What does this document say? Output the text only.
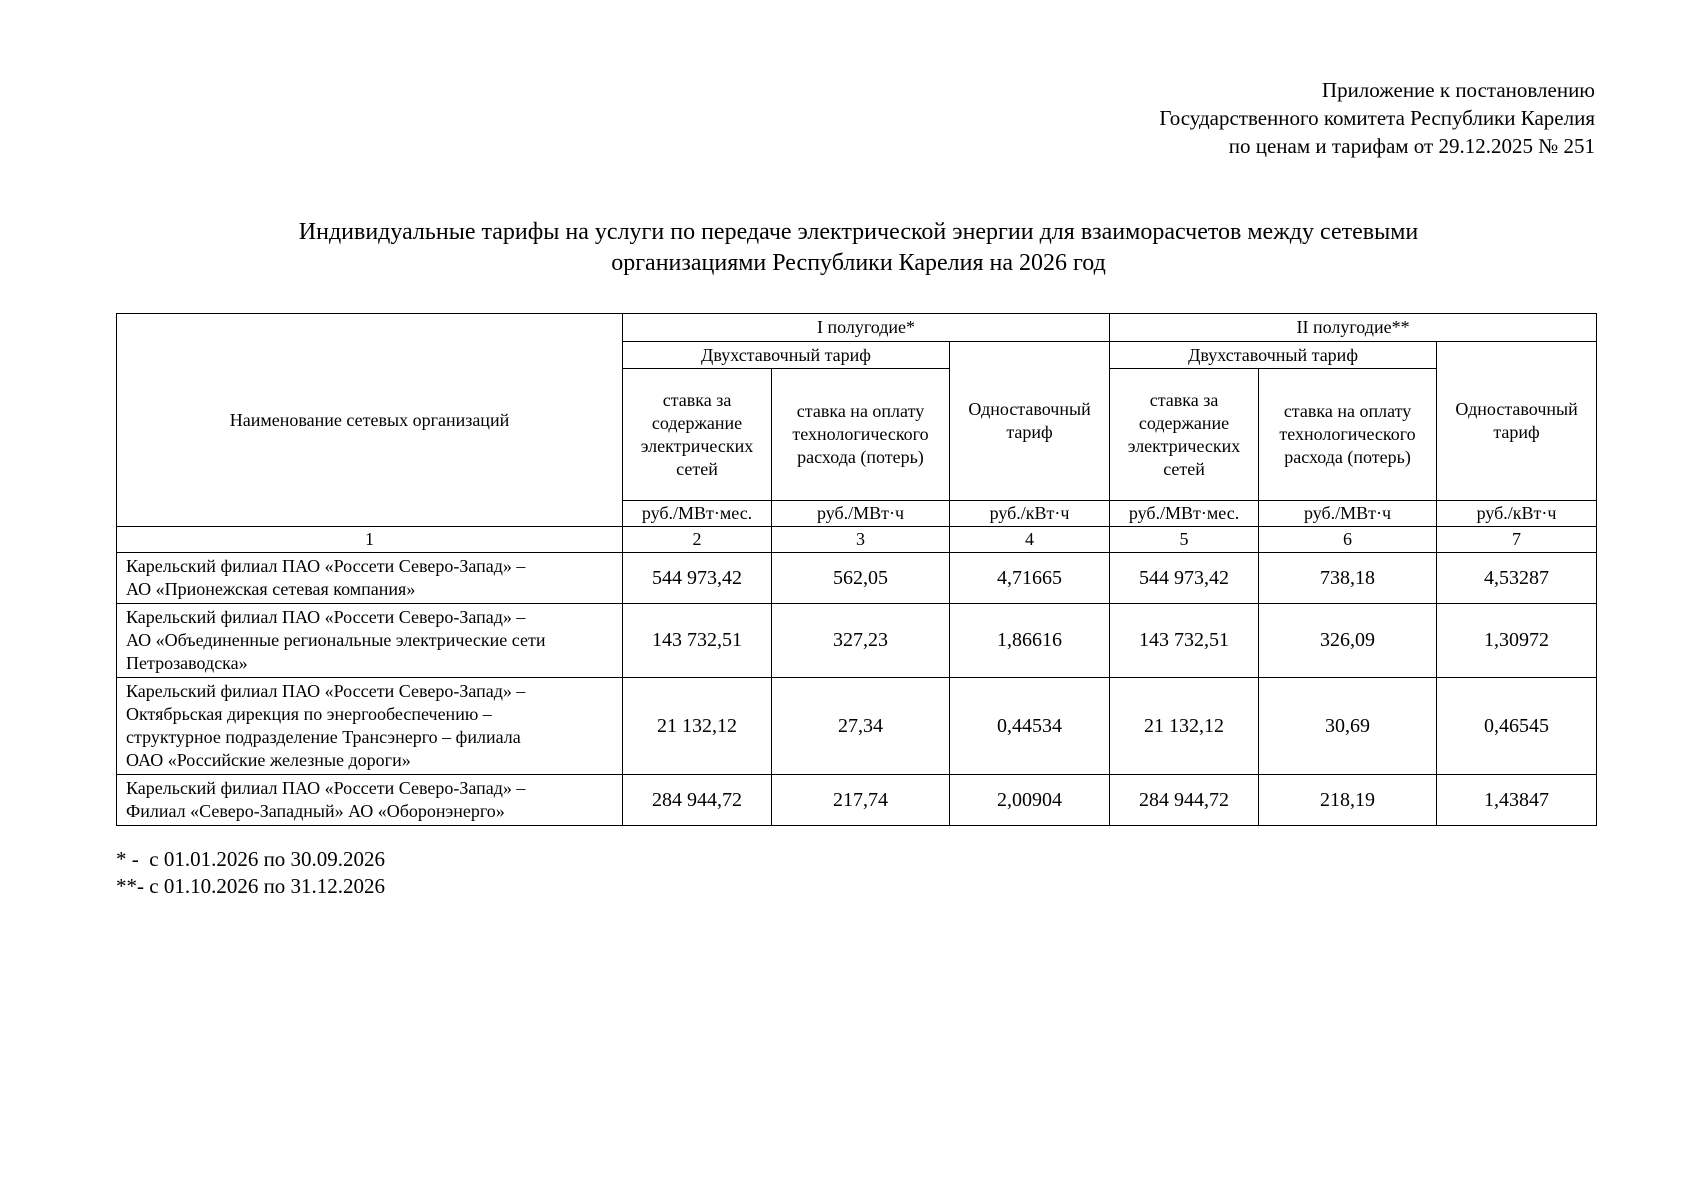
Приложение к постановлению
Государственного комитета Республики Карелия
по ценам и тарифам от 29.12.2025 № 251
Индивидуальные тарифы на услуги по передаче электрической энергии для взаиморасчетов между сетевыми
организациями Республики Карелия на 2026 год
Наименование сетевых организаций	I полугодие*			II полугодие**		
	Двухставочный тариф		Одноставочный тариф	Двухставочный тариф		Одноставочный тариф
	ставка за содержание электрических сетей	ставка на оплату технологического расхода (потерь)		ставка за содержание электрических сетей	ставка на оплату технологического расхода (потерь)	
	руб./МВт·мес.	руб./МВт·ч	руб./кВт·ч	руб./МВт·мес.	руб./МВт·ч	руб./кВт·ч
1	2	3	4	5	6	7

Карельский филиал ПАО «Россети Северо-Запад» –
АО «Прионежская сетевая компания»	544 973,42	562,05	4,71665	544 973,42	738,18	4,53287

Карельский филиал ПАО «Россети Северо-Запад» –
АО «Объединенные региональные электрические сети
Петрозаводска»	143 732,51	327,23	1,86616	143 732,51	326,09	1,30972

Карельский филиал ПАО «Россети Северо-Запад» –
Октябрьская дирекция по энергообеспечению –
структурное подразделение Трансэнерго – филиала
ОАО «Российские железные дороги»	21 132,12	27,34	0,44534	21 132,12	30,69	0,46545

Карельский филиал ПАО «Россети Северо-Запад» –
Филиал «Северо-Западный» АО «Оборонэнерго»	284 944,72	217,74	2,00904	284 944,72	218,19	1,43847
* -  с 01.01.2026 по 30.09.2026
**- с 01.10.2026 по 31.12.2026
